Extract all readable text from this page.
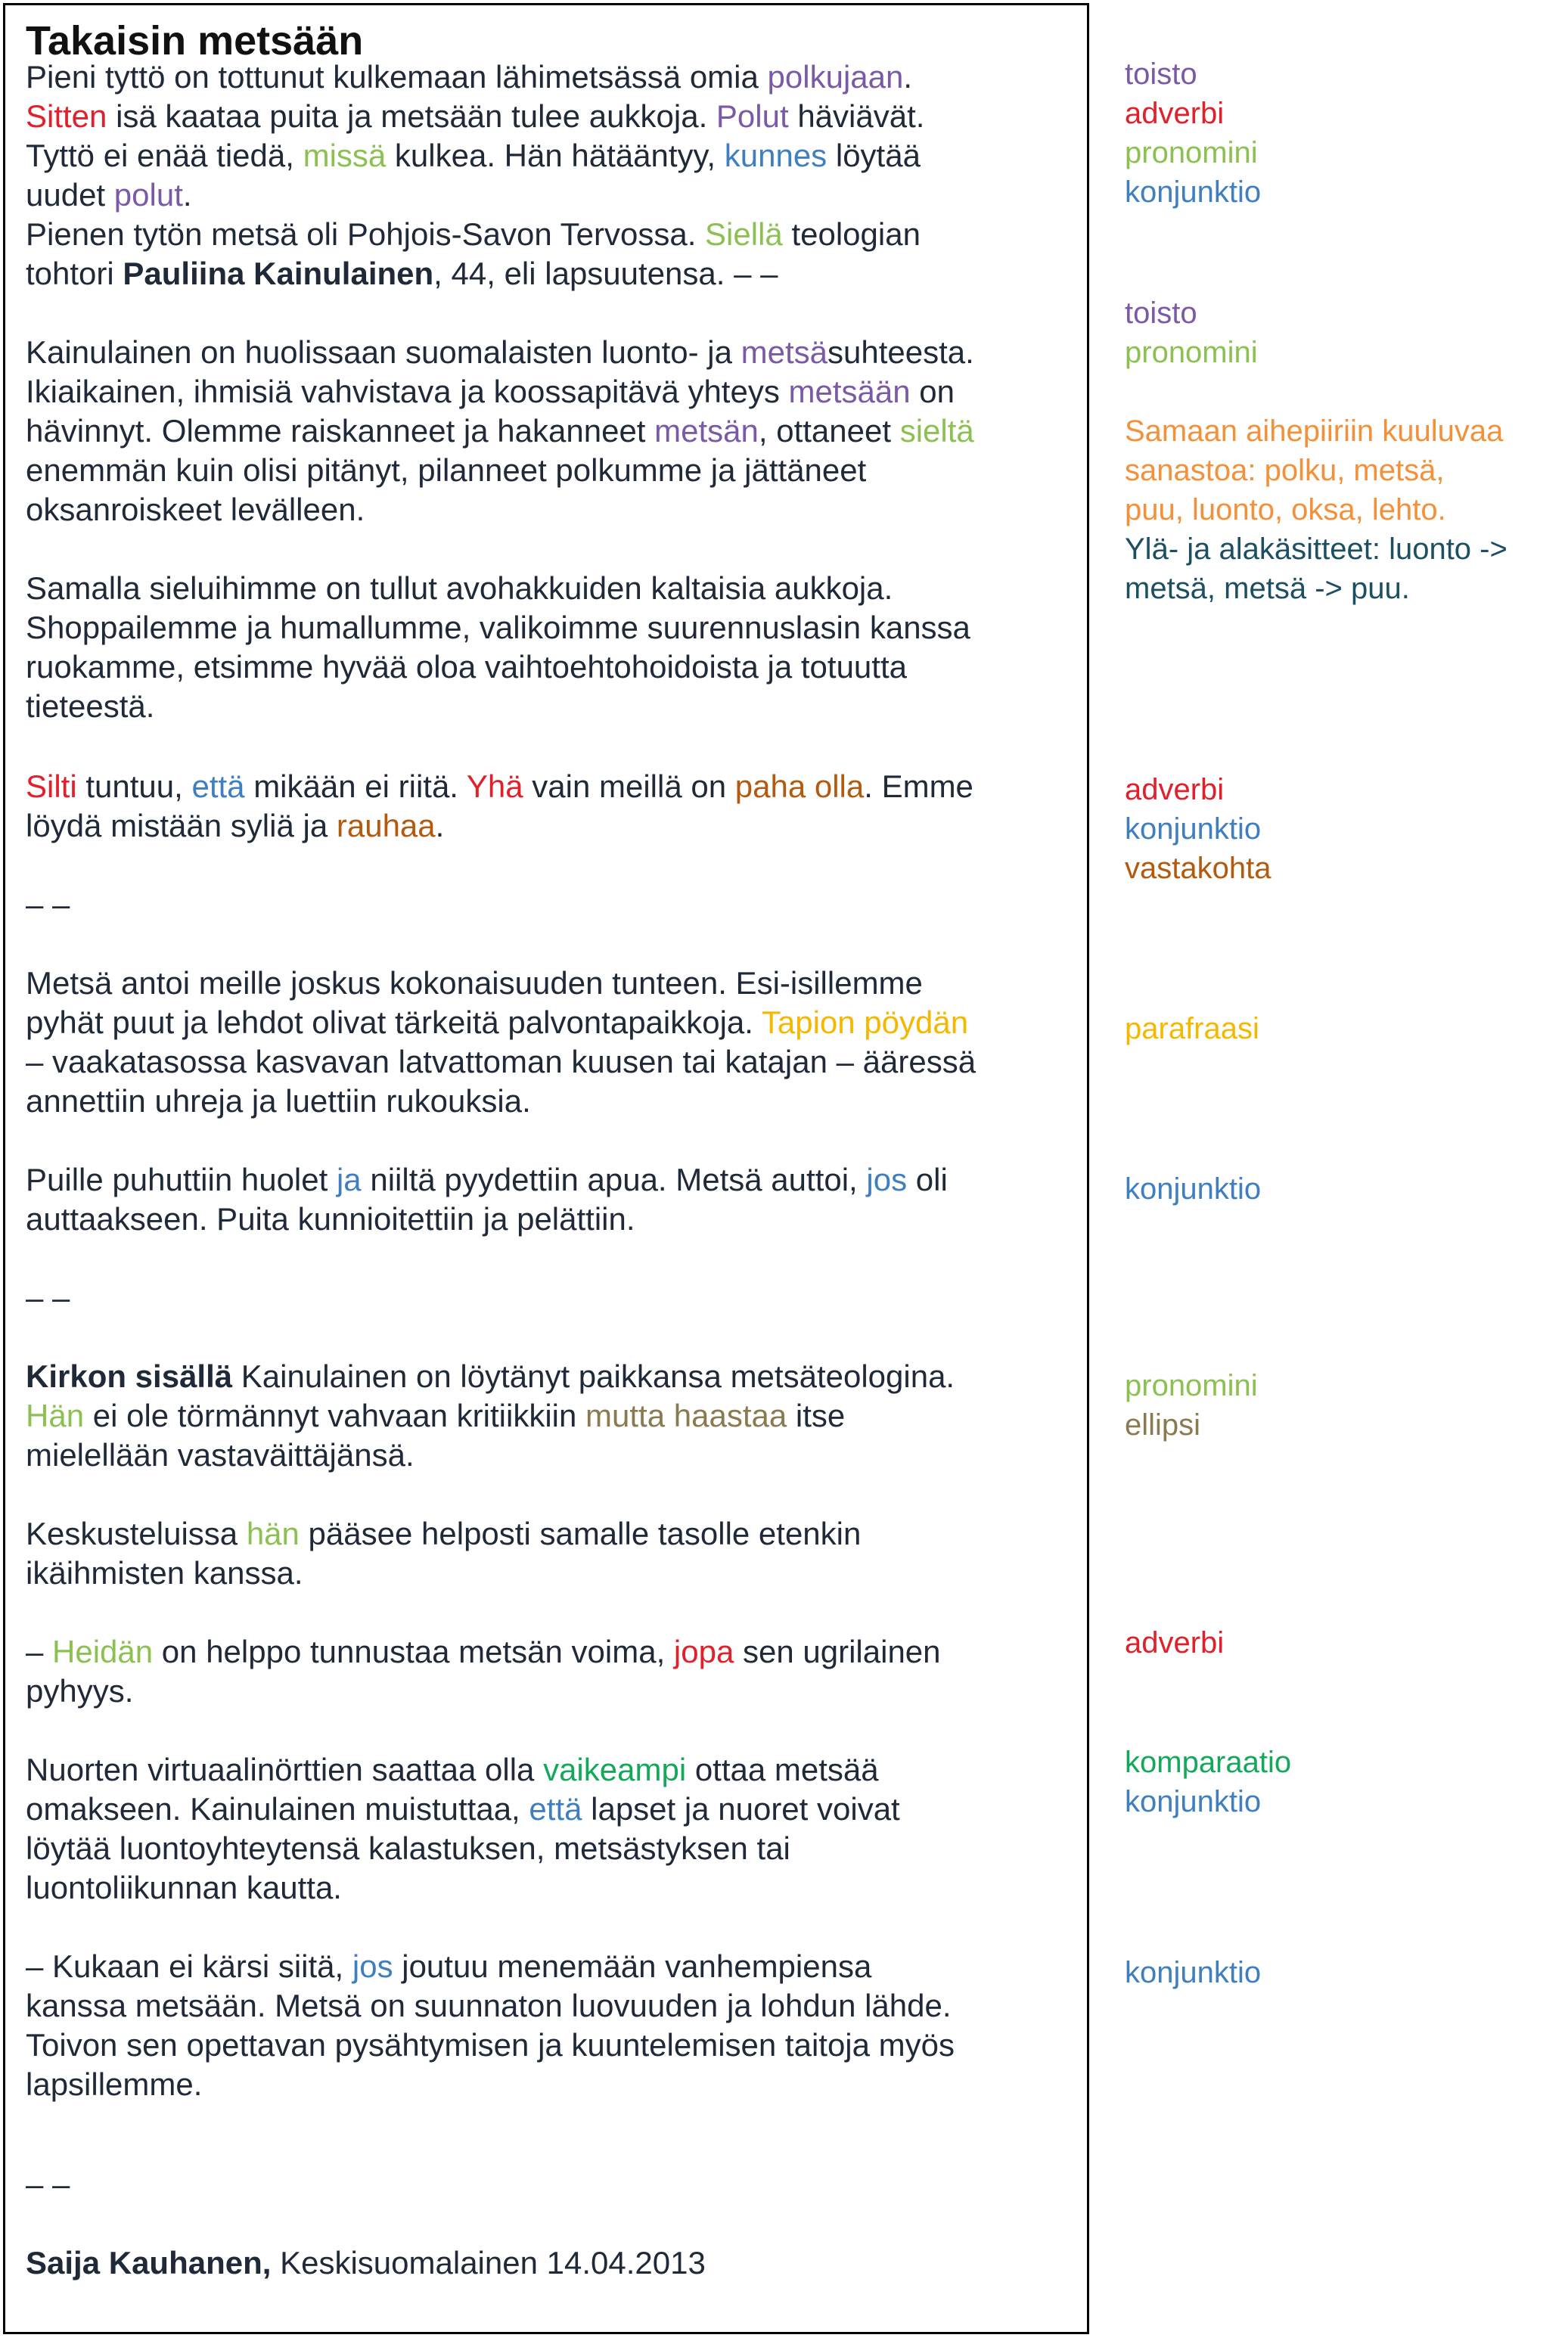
Takaisin metsään
Pieni tyttö on tottunut kulkemaan lähimetsässä omia polkujaan.
Sitten isä kaataa puita ja metsään tulee aukkoja. Polut häviävät.
Tyttö ei enää tiedä, missä kulkea. Hän hätääntyy, kunnes löytää
uudet polut.
Pienen tytön metsä oli Pohjois-Savon Tervossa. Siellä teologian
tohtori Pauliina Kainulainen, 44, eli lapsuutensa. – –
Kainulainen on huolissaan suomalaisten luonto- ja metsäsuhteesta.
Ikiaikainen, ihmisiä vahvistava ja koossapitävä yhteys metsään on
hävinnyt. Olemme raiskanneet ja hakanneet metsän, ottaneet sieltä
enemmän kuin olisi pitänyt, pilanneet polkumme ja jättäneet
oksanroiskeet levälleen.
Samalla sieluihimme on tullut avohakkuiden kaltaisia aukkoja.
Shoppailemme ja humallumme, valikoimme suurennuslasin kanssa
ruokamme, etsimme hyvää oloa vaihtoehtohoidoista ja totuutta
tieteestä.
Silti tuntuu, että mikään ei riitä. Yhä vain meillä on paha olla. Emme
löydä mistään syliä ja rauhaa.
– –
Metsä antoi meille joskus kokonaisuuden tunteen. Esi-isillemme
pyhät puut ja lehdot olivat tärkeitä palvontapaikkoja. Tapion pöydän
– vaakatasossa kasvavan latvattoman kuusen tai katajan – ääressä
annettiin uhreja ja luettiin rukouksia.
Puille puhuttiin huolet ja niiltä pyydettiin apua. Metsä auttoi, jos oli
auttaakseen. Puita kunnioitettiin ja pelättiin.
– –
Kirkon sisällä Kainulainen on löytänyt paikkansa metsäteologina.
Hän ei ole törmännyt vahvaan kritiikkiin mutta haastaa itse
mielellään vastaväittäjänsä.
Keskusteluissa hän pääsee helposti samalle tasolle etenkin
ikäihmisten kanssa.
– Heidän on helppo tunnustaa metsän voima, jopa sen ugrilainen
pyhyys.
Nuorten virtuaalinörttien saattaa olla vaikeampi ottaa metsää
omakseen. Kainulainen muistuttaa, että lapset ja nuoret voivat
löytää luontoyhteytensä kalastuksen, metsästyksen tai
luontoliikunnan kautta.
– Kukaan ei kärsi siitä, jos joutuu menemään vanhempiensa
kanssa metsään. Metsä on suunnaton luovuuden ja lohdun lähde.
Toivon sen opettavan pysähtymisen ja kuuntelemisen taitoja myös
lapsillemme.
– –
Saija Kauhanen, Keskisuomalainen 14.04.2013
toisto
adverbi
pronomini
konjunktio
toisto
pronomini
Samaan aihepiiriin kuuluvaa
sanastoa: polku, metsä,
puu, luonto, oksa, lehto.
Ylä- ja alakäsitteet: luonto ->
metsä, metsä -> puu.
adverbi
konjunktio
vastakohta
parafraasi
konjunktio
pronomini
ellipsi
adverbi
komparaatio
konjunktio
konjunktio
